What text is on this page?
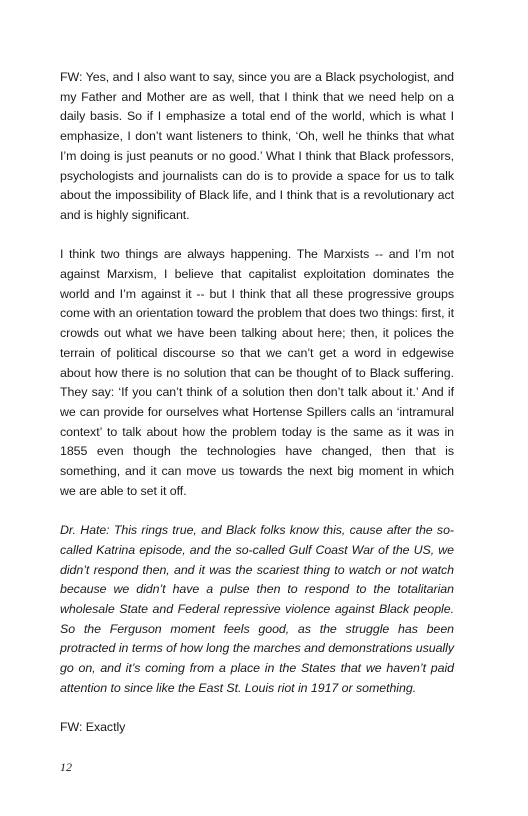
FW: Yes, and I also want to say, since you are a Black psychologist, and my Father and Mother are as well, that I think that we need help on a daily basis. So if I emphasize a total end of the world, which is what I emphasize, I don’t want listeners to think, ‘Oh, well he thinks that what I’m doing is just peanuts or no good.’ What I think that Black professors, psychologists and journalists can do is to provide a space for us to talk about the impossibility of Black life, and I think that is a revolutionary act and is highly significant.

I think two things are always happening. The Marxists -- and I’m not against Marxism, I believe that capitalist exploitation dominates the world and I’m against it -- but I think that all these progressive groups come with an orientation toward the problem that does two things: first, it crowds out what we have been talking about here; then, it polices the terrain of political discourse so that we can’t get a word in edgewise about how there is no solution that can be thought of to Black suffering. They say: ‘If you can’t think of a solution then don’t talk about it.’ And if we can provide for ourselves what Hortense Spillers calls an ‘intramural context’ to talk about how the problem today is the same as it was in 1855 even though the technologies have changed, then that is something, and it can move us towards the next big moment in which we are able to set it off.

Dr. Hate: This rings true, and Black folks know this, cause after the so-called Katrina episode, and the so-called Gulf Coast War of the US, we didn’t respond then, and it was the scariest thing to watch or not watch because we didn’t have a pulse then to respond to the totalitarian wholesale State and Federal repressive violence against Black people. So the Ferguson moment feels good, as the struggle has been protracted in terms of how long the marches and demonstrations usually go on, and it’s coming from a place in the States that we haven’t paid attention to since like the East St. Louis riot in 1917 or something.

FW: Exactly

12
